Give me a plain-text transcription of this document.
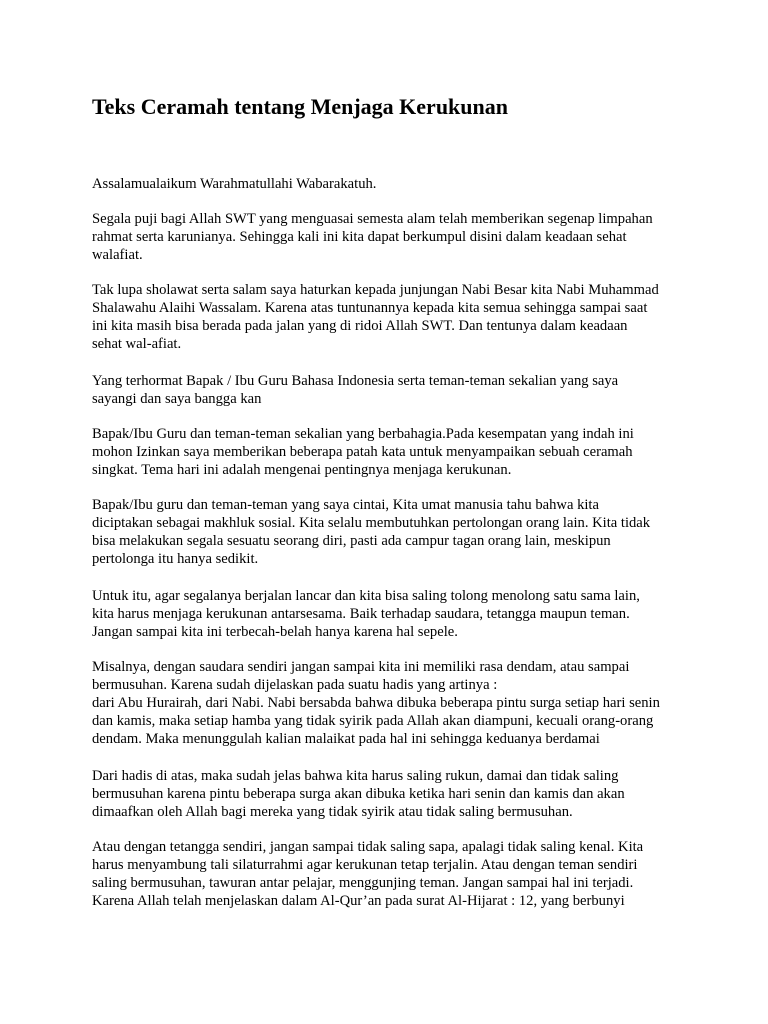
Teks Ceramah tentang Menjaga Kerukunan

Assalamualaikum Warahmatullahi Wabarakatuh.

Segala puji bagi Allah SWT yang menguasai semesta alam telah memberikan segenap limpahan
rahmat serta karunianya. Sehingga kali ini kita dapat berkumpul disini dalam keadaan sehat
walafiat.

Tak lupa sholawat serta salam saya haturkan kepada junjungan Nabi Besar kita Nabi Muhammad
Shalawahu Alaihi Wassalam. Karena atas tuntunannya kepada kita semua sehingga sampai saat
ini kita masih bisa berada pada jalan yang di ridoi Allah SWT. Dan tentunya dalam keadaan
sehat wal-afiat.

Yang terhormat Bapak / Ibu Guru Bahasa Indonesia serta teman-teman sekalian yang saya
sayangi dan saya bangga kan

Bapak/Ibu Guru dan teman-teman sekalian yang berbahagia.Pada kesempatan yang indah ini
mohon Izinkan saya memberikan beberapa patah kata untuk menyampaikan sebuah ceramah
singkat. Tema hari ini adalah mengenai pentingnya menjaga kerukunan.

Bapak/Ibu guru dan teman-teman yang saya cintai, Kita umat manusia tahu bahwa kita
diciptakan sebagai makhluk sosial. Kita selalu membutuhkan pertolongan orang lain. Kita tidak
bisa melakukan segala sesuatu seorang diri, pasti ada campur tagan orang lain, meskipun
pertolonga itu hanya sedikit.

Untuk itu, agar segalanya berjalan lancar dan kita bisa saling tolong menolong satu sama lain,
kita harus menjaga kerukunan antarsesama. Baik terhadap saudara, tetangga maupun teman.
Jangan sampai kita ini terbecah-belah hanya karena hal sepele.

Misalnya, dengan saudara sendiri jangan sampai kita ini memiliki rasa dendam, atau sampai
bermusuhan. Karena sudah dijelaskan pada suatu hadis yang artinya :
dari Abu Hurairah, dari Nabi. Nabi bersabda bahwa dibuka beberapa pintu surga setiap hari senin
dan kamis, maka setiap hamba yang tidak syirik pada Allah akan diampuni, kecuali orang-orang
dendam. Maka menunggulah kalian malaikat pada hal ini sehingga keduanya berdamai

Dari hadis di atas, maka sudah jelas bahwa kita harus saling rukun, damai dan tidak saling
bermusuhan karena pintu beberapa surga akan dibuka ketika hari senin dan kamis dan akan
dimaafkan oleh Allah bagi mereka yang tidak syirik atau tidak saling bermusuhan.

Atau dengan tetangga sendiri, jangan sampai tidak saling sapa, apalagi tidak saling kenal. Kita
harus menyambung tali silaturrahmi agar kerukunan tetap terjalin. Atau dengan teman sendiri
saling bermusuhan, tawuran antar pelajar, menggunjing teman. Jangan sampai hal ini terjadi.
Karena Allah telah menjelaskan dalam Al-Qur’an pada surat Al-Hijarat : 12, yang berbunyi
